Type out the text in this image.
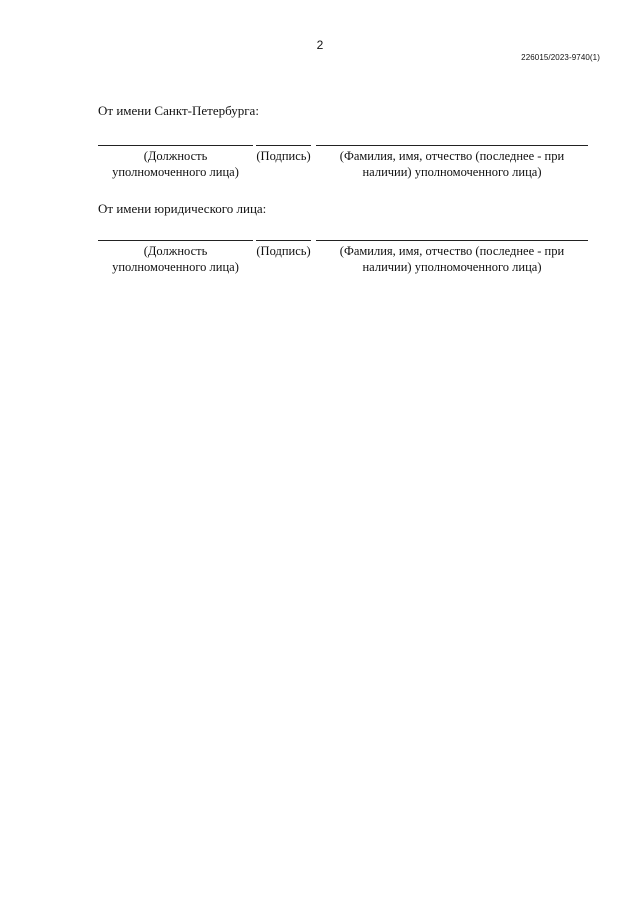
2
226015/2023-9740(1)
От имени Санкт-Петербурга:
(Должность
уполномоченного лица)
(Подпись)	(Фамилия, имя, отчество (последнее - при
наличии) уполномоченного лица)
От имени юридического лица:
(Должность
уполномоченного лица)
(Подпись)	(Фамилия, имя, отчество (последнее - при
наличии) уполномоченного лица)
